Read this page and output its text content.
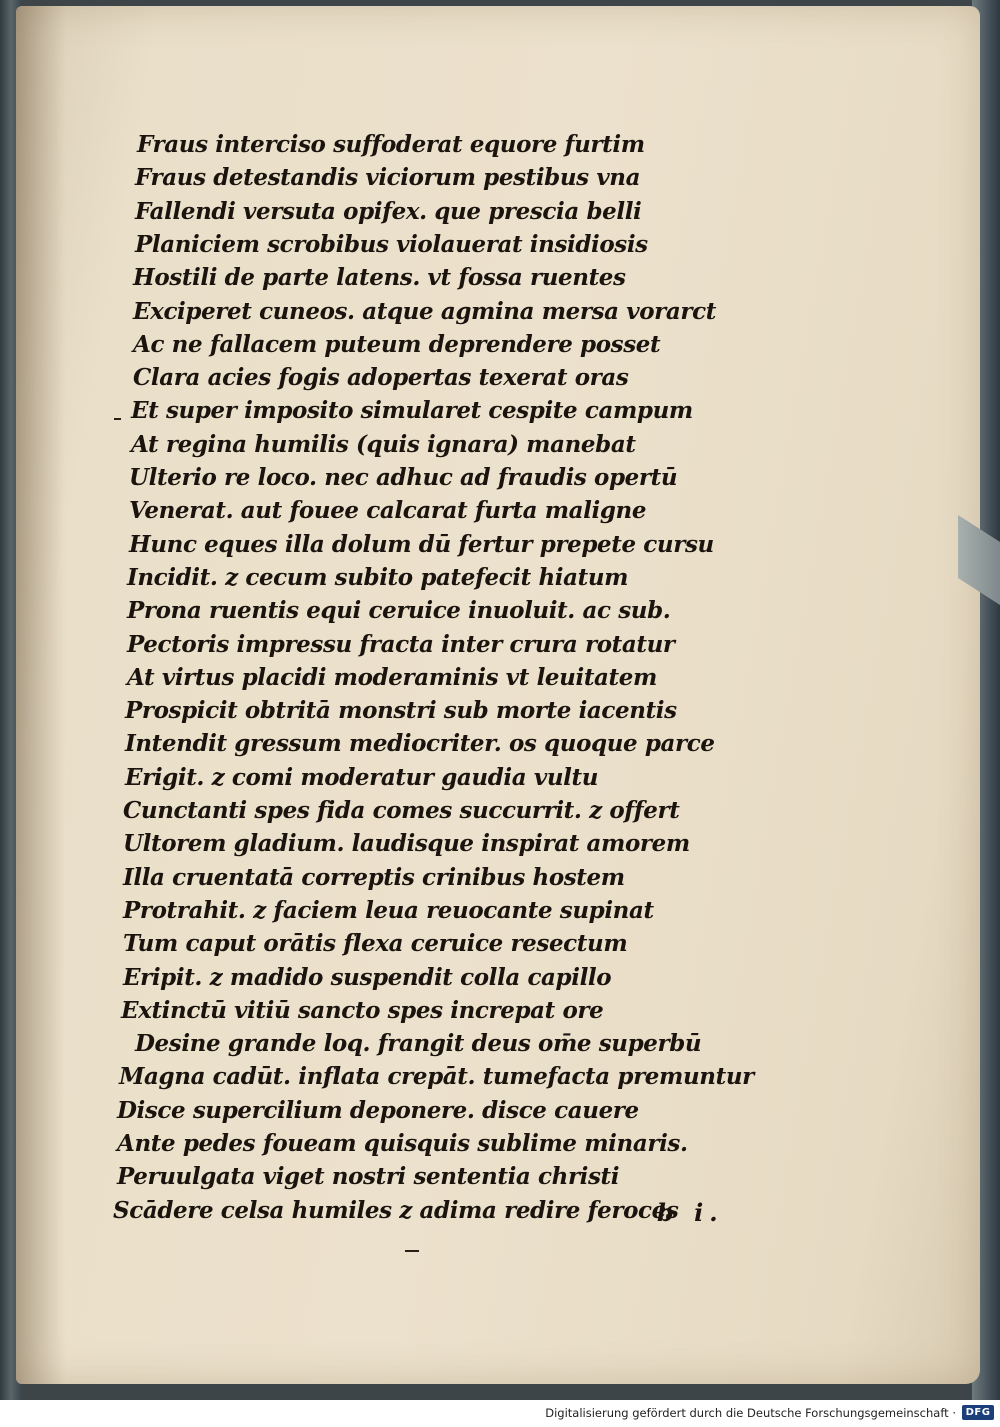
Fraus interciso suffoderat equore furtim
Fraus detestandis viciorum pestibus vna
Fallendi versuta opifex. que prescia belli
Planiciem scrobibus violauerat insidiosis
Hostili de parte latens. vt fossa ruentes
Exciperet cuneos. atque agmina mersa vorarct
Ac ne fallacem puteum deprendere posset
Clara acies fogis adopertas texerat oras
Et super imposito simularet cespite campum
At regina humilis (quis ignara) manebat
Ulterio re loco. nec adhuc ad fraudis opertū
Venerat. aut fouee calcarat furta maligne
Hunc eques illa dolum dū fertur prepete cursu
Incidit. z cecum subito patefecit hiatum
Prona ruentis equi ceruice inuoluit. ac sub.
Pectoris impressu fracta inter crura rotatur
At virtus placidi moderaminis vt leuitatem
Prospicit obtritā monstri sub morte iacentis
Intendit gressum mediocriter. os quoque parce
Erigit. z comi moderatur gaudia vultu
Cunctanti spes fida comes succurrit. z offert
Ultorem gladium. laudisque inspirat amorem
Illa cruentatā correptis crinibus hostem
Protrahit. z faciem leua reuocante supinat
Tum caput orātis flexa ceruice resectum
Eripit. z madido suspendit colla capillo
Extinctū vitiū sancto spes increpat ore
Desine grande loq. frangit deus om̄e superbū
Magna cadūt. inflata crepāt. tumefacta premuntur
Disce supercilium deponere. disce cauere
Ante pedes foueam quisquis sublime minaris.
Peruulgata viget nostri sententia christi
Scādere celsa humiles z adima redire feroces
b i.
Digitalisierung gefördert durch die Deutsche Forschungsgemeinschaft · DFG
